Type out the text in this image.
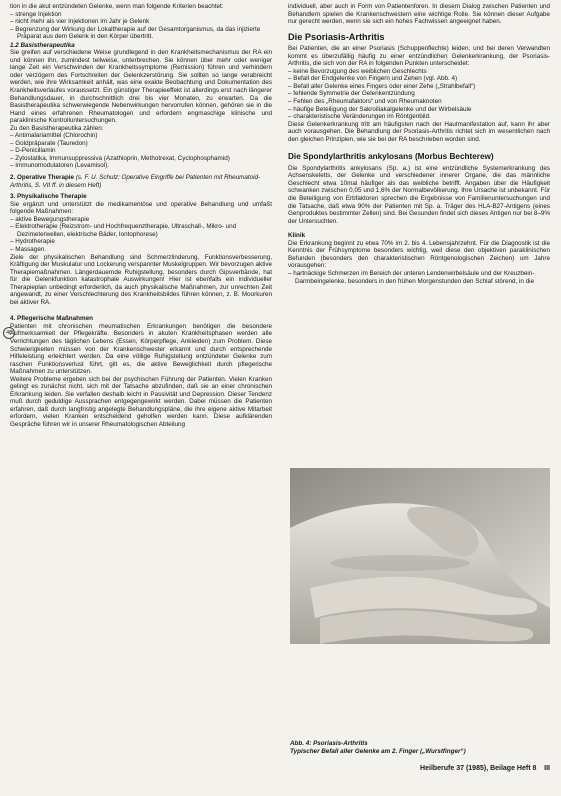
tion in die akut entzündeten Gelenke, wenn man folgende Kriterien beachtet:

– strenge Injektion
– nicht mehr als vier Injektionen im Jahr je Gelenk
– Begrenzung der Wirkung der Lokaltherapie auf der Gesamtorganismus, da das injizierte Präparat aus dem Gelenk in den Körper übertritt.
1.2 Basistherapeutika

Sie greifen auf verschiedene Weise grundlegend in den Krankheitsmechanismus der RA ein und können ihn, zumindest teilweise, unterbrechen. Sie können über mehr oder weniger lange Zeit ein Verschwinden der Krankheitssymptome (Remission) führen und verhindern oder verzögern des Fortschreiten der Gelenkzerstörung. Sie sollten so lange verabreicht werden, wie ihre Wirksamkeit anhält, was eine exakte Beobachtung und Dokumentation des Krankheitsverlaufes voraussetzt. Ein günstiger Therapieeffekt ist allerdings erst nach längerer Behandlungsdauer, in durchschnittlich drei bis vier Monaten, zu erwarten. Da die Basistherapeutika schwerwiegende Nebenwirkungen hervorrufen können, gehören sie in die Hand eines erfahrenen Rheumatologen und erfordern engmaschige klinische und paraklinische Kontrolluntersuchungen.

Zu den Basistherapeutika zählen:

– Antimalariamittel (Chlorochin)
– Goldpräparate (Tauredon)
– D-Penicillamin
– Zytostatika, Immunsuppressiva (Azathioprin, Methotrexat, Cyclophosphamid)
– Immunomodulatoren (Levamisol).
2. Operative Therapie (s. F. U. Schulz: Operative Eingriffe bei Patienten mit Rheumatoid-Arthritis, S. VII ff. in diesem Heft)
3. Physikalische Therapie

Sie ergänzt und unterstützt die medikamentöse und operative Behandlung und umfaßt folgende Maßnahmen:

– aktive Bewegungstherapie
– Elektrotherapie (Reizstrom- und Hochfrequenztherapie, Ultraschall-, Mikro- und Dezimeterwellen, elektrische Bäder, Iontophorese)
– Hydrotherapie
– Massagen.

Ziele der physikalischen Behandlung sind Schmerzlinderung, Funktionsverbesserung, Kräftigung der Muskulatur und Lockerung verspannter Muskelgruppen. Wir bevorzugen aktive Therapiemaßnahmen. Längerdauernde Ruhigstellung, besonders durch Gipsverbände, hat für die Gelenkfunktion katastrophale Auswirkungen! Hier ist ebenfalls ein individueller Therapieplan unbedingt erforderlich, da auch physikalische Maßnahmen, zur unrechten Zeit angewandt, zu einer Verschlechterung des Krankheitsbildes führen können, z. B. Moorkuren bei aktiver RA.

4. Pflegerische Maßnahmen

Patienten mit chronischen rheumatischen Erkrankungen benötigen die besondere Aufmerksamkeit der Pflegekräfte. Besonders in akuten Krankheitsphasen werden alle Verrichtungen des täglichen Lebens (Essen, Körperpflege, Ankleiden) zum Problem. Diese Schwierigkeiten müssen von der Krankenschwester erkannt und durch entsprechende Hilfeleistung erleichtert werden. Da eine völlige Ruhigstellung entzündeter Gelenke zum raschen Funktionsverlust führt, gilt es, die aktive Beweglichkeit durch pflegerische Maßnahmen zu unterstützen.

Weitere Probleme ergeben sich bei der psychischen Führung der Patienten. Vielen Kranken gelingt es zunächst nicht, sich mit der Tatsache abzufinden, daß sie an einer chronischen Erkrankung leiden. Sie verfallen deshalb leicht in Passivität und Depression. Dieser Tendenz muß durch geduldige Aussprachen entgegengewirkt werden. Dabei müssen die Patienten erfahren, daß durch langfristig angelegte Behandlungspläne, die ihre eigene aktive Mitarbeit erfordern, vielen Kranken entscheidend geholfen werden kann. Diese aufklärenden Gespräche führen wir in unserer Rheumatologischen Abteilung

48

individuell, aber auch in Form von Patientenforen. In diesem Dialog zwischen Patienten und Behandlern spielen die Krankenschwestern eine wichtige Rolle. Sie können dieser Aufgabe nur gerecht werden, wenn sie sich ein hohes Fachwissen angeeignet haben.

Die Psoriasis-Arthritis

Bei Patienten, die an einer Psoriasis (Schuppenflechte) leiden, und bei deren Verwandten kommt es überzufällig häufig zu einer entzündlichen Gelenkerkrankung, der Psoriasis-Arthritis, die sich von der RA in folgenden Punkten unterscheidet:

– keine Bevorzugung des weiblichen Geschlechts
– Befall der Endgelenke von Fingern und Zehen (vgl. Abb. 4)
– Befall aller Gelenke eines Fingers oder einer Zehe („Strahlbefall“)
– fehlende Symmetrie der Gelenkentzündung
– Fehlen des „Rheumafaktors“ und von Rheumaknoten
– häufige Beteiligung der Sakroiliakalgelenke und der Wirbelsäule
– charakteristische Veränderungen im Röntgenbild.

Diese Gelenkerkrankung tritt am häufigsten nach der Hautmanifestation auf, kann ihr aber auch vorausgehen. Die Behandlung der Psoriasis-Arthritis richtet sich im wesentlichen nach den gleichen Prinzipien, wie sie bei der RA beschrieben worden sind.

Die Spondylarthritis ankylosans (Morbus Bechterew)

Die Spondylarthritis ankylosans (Sp. a.) ist eine entzündliche Systemerkrankung des Achsenskeletts, der Gelenke und verschiedener innerer Organe, die das männliche Geschlecht etwa 10mal häufiger als das weibliche betrifft. Angaben über die Häufigkeit schwanken zwischen 0,05 und 1,6% der Normalbevölkerung. Ihre Ursache ist unbekannt. Für die Beteiligung von Erbfaktoren sprechen die Ergebnisse von Familienuntersuchungen und die Tatsache, daß etwa 90% der Patienten mit Sp. a. Träger des HLA-B27-Antigens (eines Genproduktes bestimmter Zellen) sind. Bei Gesunden findet sich dieses Antigen nur bei 8–9% der Untersuchten.

Klinik

Die Erkrankung beginnt zu etwa 70% im 2. bis 4. Lebensjahrzehnt. Für die Diagnostik ist die Kenntnis der Frühsymptome besonders wichtig, weil diese den objektiven paraklinischen Befunden (besonders den charakteristischen Röntgenologischen Zeichen) um Jahre vorausgehen:

– hartnäckige Schmerzen im Bereich der unteren Lendenwirbelsäule und der Kreuzbein-Darmbeingelenke, besonders in den frühen Morgenstunden den Schlaf störend, in die
Abb. 4: Psoriasis-Arthritis
Typischer Befall aller Gelenke am 2. Finger („Wurstfinger“)
Heilberufe 37 (1985), Beilage Heft 8 III
